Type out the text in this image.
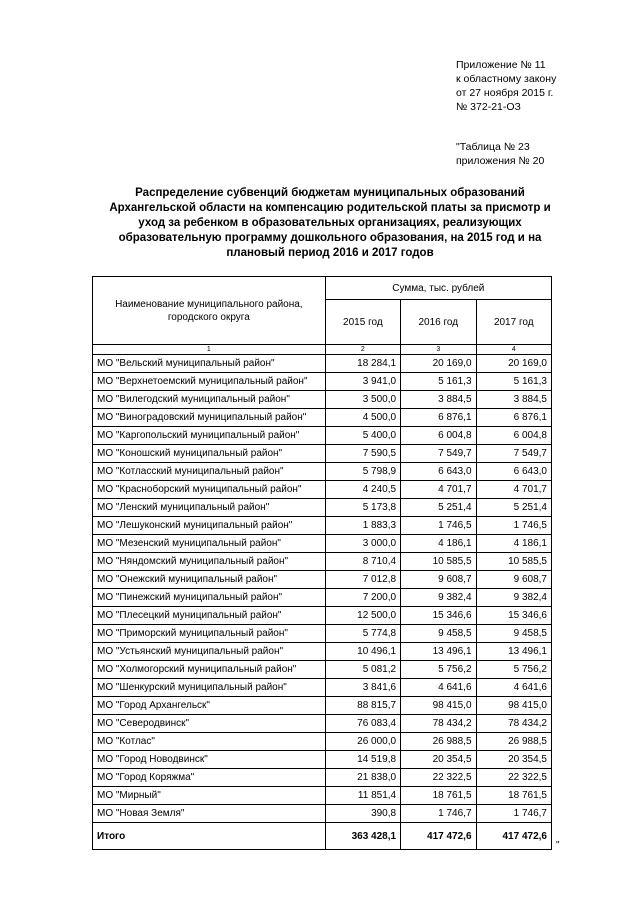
Приложение № 11
к областному закону
от 27 ноября 2015 г.
№ 372-21-ОЗ
"Таблица № 23
приложения № 20
Распределение субвенций бюджетам муниципальных образований Архангельской области на компенсацию родительской платы за присмотр и уход за ребенком в образовательных организациях, реализующих образовательную программу дошкольного образования, на 2015 год и на плановый период 2016 и 2017 годов
Наименование муниципального района, городского округа	Сумма, тыс. рублей		
	2015 год	2016 год	2017 год
1	2	3	4
МО "Вельский муниципальный район"	18 284,1	20 169,0	20 169,0
МО "Верхнетоемский муниципальный район"	3 941,0	5 161,3	5 161,3
МО "Вилегодский муниципальный район"	3 500,0	3 884,5	3 884,5
МО "Виноградовский муниципальный район"	4 500,0	6 876,1	6 876,1
МО "Каргопольский муниципальный район"	5 400,0	6 004,8	6 004,8
МО "Коношский муниципальный район"	7 590,5	7 549,7	7 549,7
МО "Котласский муниципальный район"	5 798,9	6 643,0	6 643,0
МО "Красноборский муниципальный район"	4 240,5	4 701,7	4 701,7
МО "Ленский муниципальный район"	5 173,8	5 251,4	5 251,4
МО "Лешуконский муниципальный район"	1 883,3	1 746,5	1 746,5
МО "Мезенский муниципальный район"	3 000,0	4 186,1	4 186,1
МО "Няндомский муниципальный район"	8 710,4	10 585,5	10 585,5
МО "Онежский муниципальный район"	7 012,8	9 608,7	9 608,7
МО "Пинежский муниципальный район"	7 200,0	9 382,4	9 382,4
МО "Плесецкий муниципальный район"	12 500,0	15 346,6	15 346,6
МО "Приморский муниципальный район"	5 774,8	9 458,5	9 458,5
МО "Устьянский муниципальный район"	10 496,1	13 496,1	13 496,1
МО "Холмогорский муниципальный район"	5 081,2	5 756,2	5 756,2
МО "Шенкурский муниципальный район"	3 841,6	4 641,6	4 641,6
МО "Город Архангельск"	88 815,7	98 415,0	98 415,0
МО "Северодвинск"	76 083,4	78 434,2	78 434,2
МО "Котлас"	26 000,0	26 988,5	26 988,5
МО "Город Новодвинск"	14 519,8	20 354,5	20 354,5
МО "Город Коряжма"	21 838,0	22 322,5	22 322,5
МО "Мирный"	11 851,4	18 761,5	18 761,5
МО "Новая Земля"	390,8	1 746,7	1 746,7
Итого	363 428,1	417 472,6	417 472,6
"
